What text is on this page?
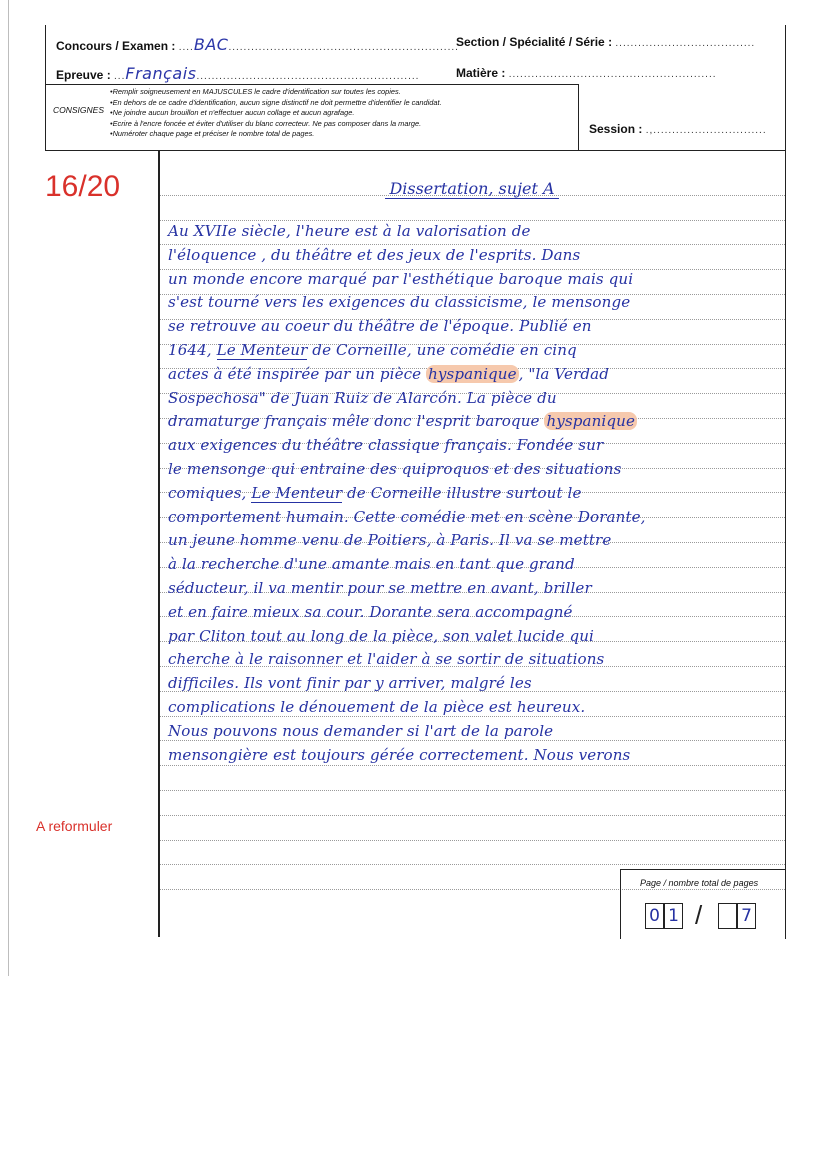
Concours / Examen : ....BAC.............................................................
Section / Spécialité / Série : .....................................
Epreuve : ...Français...........................................................	Matière : .......................................................
CONSIGNES
• Remplir soigneusement en MAJUSCULES le cadre d'identification sur toutes les copies.
• En dehors de ce cadre d'identification, aucun signe distinctif ne doit permettre d'identifier le candidat.
• Ne joindre aucun brouillon et n'effectuer aucun collage et aucun agrafage.
• Ecrire à l'encre foncée et éviter d'utiliser du blanc correcteur. Ne pas composer dans la marge.
• Numéroter chaque page et préciser le nombre total de pages.	Session : .,..............................
16/20
A reformuler
Dissertation, sujet A
Au XVIIe siècle, l'heure est à la valorisation de
l'éloquence , du théâtre et des jeux de l'esprits. Dans
un monde encore marqué par l'esthétique baroque mais qui
s'est tourné vers les exigences du classicisme, le mensonge
se retrouve au coeur du théâtre de l'époque. Publié en
1644, Le Menteur de Corneille, une comédie en cinq
actes à été inspirée par un pièce hyspanique , "la Verdad
Sospechosa" de Juan Ruiz de Alarcón. La pièce du
dramaturge français mêle donc l'esprit baroque hyspanique
aux exigences du théâtre classique français. Fondée sur
le mensonge qui entraine des quiproquos et des situations
comiques, Le Menteur de Corneille illustre surtout le
comportement humain. Cette comédie met en scène Dorante,
un jeune homme venu de Poitiers, à Paris. Il va se mettre
à la recherche d'une amante mais en tant que grand
séducteur, il va mentir pour se mettre en avant, briller
et en faire mieux sa cour. Dorante sera accompagné
par Cliton tout au long de la pièce, son valet lucide qui
cherche à le raisonner et l'aider à se sortir de situations
difficiles. Ils vont finir par y arriver, malgré les
complications le dénouement de la pièce est heureux.
Nous pouvons nous demander si l'art de la parole
mensongière est toujours gérée correctement. Nous verons
Page / nombre total de pages
0 1 / 7
